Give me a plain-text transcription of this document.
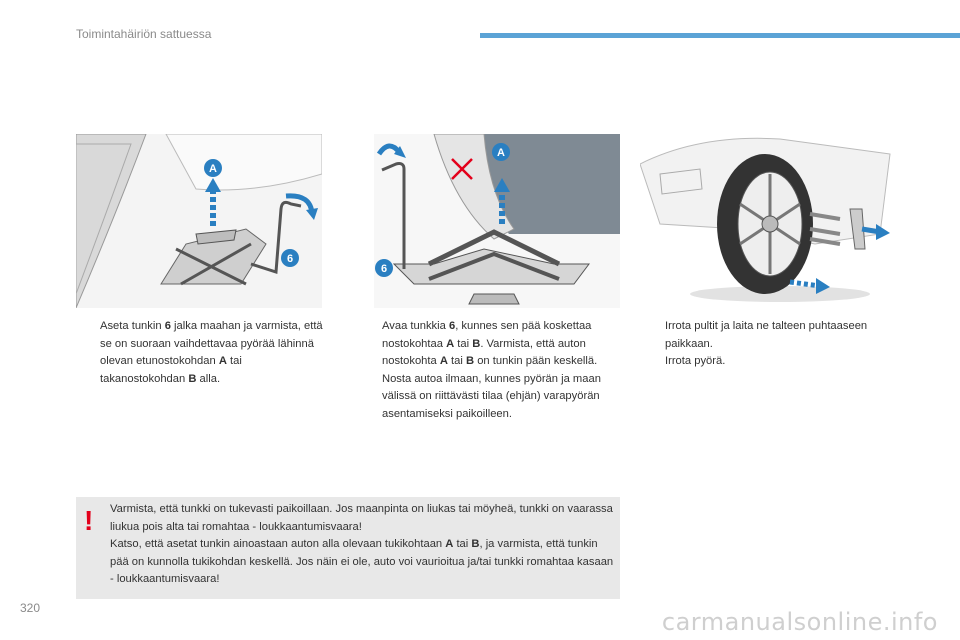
Toimintahäiriön sattuessa
A
6
A
6
Aseta tunkin 6 jalka maahan ja varmista, että se on suoraan vaihdettavaa pyörää lähinnä olevan etunostokohdan A tai takanostokohdan B alla.
Avaa tunkkia 6, kunnes sen pää koskettaa nostokohtaa A tai B. Varmista, että auton nostokohta A tai B on tunkin pään keskellä.
Nosta autoa ilmaan, kunnes pyörän ja maan välissä on riittävästi tilaa (ehjän) varapyörän asentamiseksi paikoilleen.
Irrota pultit ja laita ne talteen puhtaaseen paikkaan.
Irrota pyörä.
! Varmista, että tunkki on tukevasti paikoillaan. Jos maanpinta on liukas tai möyheä, tunkki on vaarassa liukua pois alta tai romahtaa - loukkaantumisvaara!
Katso, että asetat tunkin ainoastaan auton alla olevaan tukikohtaan A tai B, ja varmista, että tunkin pää on kunnolla tukikohdan keskellä. Jos näin ei ole, auto voi vaurioitua ja/tai tunkki romahtaa kasaan - loukkaantumisvaara!
320	carmanualsonline.info
